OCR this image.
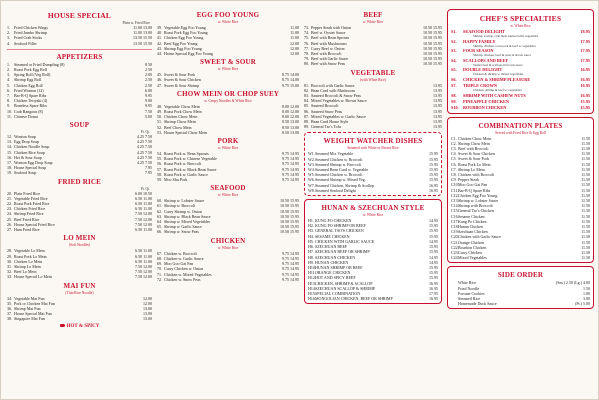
HOUSE SPECIAL
Plain w. Fried Rice
1.	Fried Chicken Wings	11.00 13.00
2.	Fried Jumbo Shrimp	11.00 13.00
3.	Fried Crab Sticks	13.50 15.50
4.	Seafood Fillet	13.50 15.50
APPETIZERS
1.	Steamed or Fried Dumpling (8)	8.50
2.	Roast Pork Egg Roll	2.50
3.	Spring Roll (Veg Roll)	2.00
4.	Shrimp Egg Roll	2.50
5.	Chicken Egg Roll	2.50
6.	Fried Wonton (12)	6.00
7.	Bar-B-Q Spare Ribs	9.95
8.	Chicken Teriyaki (4)	9.00
9.	Boneless Spare Ribs	9.95
10. Crab Rangoon (8)	7.50
11. Chinese Donut	5.00
SOUP
Pt. Qt.
12. Wonton Soup	4.25 7.50
13. Egg Drop Soup	4.25 7.50
14. Chicken Noodle Soup	4.25 7.50
15. Chicken Rice Soup	4.25 7.50
16. Hot & Sour Soup	4.25 7.50
17. Wonton Egg Drop Soup	4.25 7.50
18. House Special Soup	7.95
19. Seafood Soup	7.95
FRIED RICE
Pt. Qt.
20. Plain Fried Rice	6.00 10.50
21. Vegetable Fried Rice	6.50 11.00
22. Roast Pork Fried Rice	6.50 11.00
23. Chicken Fried Rice	6.50 11.00
24. Shrimp Fried Rice	7.50 12.00
25. Beef Fried Rice	7.50 12.00
26. House Special Fried Rice	7.50 12.00
27. Ham Fried Rice	6.50 11.00
LO MEIN
(Soft Noodles)
28. Vegetable Lo Mein	6.50 11.00
29. Roast Pork Lo Mein	6.50 11.00
30. Chicken Lo Mein	6.50 11.00
31. Shrimp Lo Mein	7.50 12.00
32. Beef Lo Mein	7.50 12.00
33. House Special Lo Mein	7.50 12.00
MAI FUN
(Thin Rice Noodle)
34. Vegetable Mai Fun	12.00
35. Pork or Chicken Mai Fun	12.00
36. Shrimp Mai Fun	13.00
37. House Special Mai Fun	13.00
38. Singapore Mai Fun	13.00
HOT & SPICY
EGG FOO YOUNG
w. White Rice
39. Vegetable Egg Foo Young	11.00
40. Roast Pork Egg Foo Young	11.00
41. Chicken Egg Foo Young	11.00
42. Beef Egg Foo Young	12.00
43. Shrimp Egg Foo Young	12.00
44. House Special Egg Foo Young	12.00
SWEET & SOUR
w. White Rice
45. Sweet & Sour Pork	8.75 14.00
46. Sweet & Sour Chicken	8.75 14.00
47. Sweet & Sour Shrimp	9.75 15.00
CHOW MEIN OR CHOP SUEY
w. Crispy Noodles & White Rice
48. Vegetable Chow Mein	8.00 12.00
49. Roast Pork Chow Mein	8.00 12.00
50. Chicken Chow Mein	8.00 12.00
51. Shrimp Chow Mein	8.50 13.00
52. Beef Chow Mein	8.50 13.00
53. House Special Chow Mein	8.50 13.00
PORK
w. White Rice
54. Roast Pork w. Bean Sprouts	9.75 14.95
55. Roast Pork w. Chinese Vegetable	9.75 14.95
56. Roast Pork w. Broccoli	9.75 14.95
57. Roast Pork w. Black Bean Sauce	9.75 14.95
58. Roast Pork w. Garlic Sauce	9.75 14.95
59. Moo Shu Pork	9.75 14.95
SEAFOOD
w. White Rice
60. Shrimp w. Lobster Sauce	10.50 15.95
61. Shrimp w. Broccoli	10.50 15.95
62. Curry Shrimp w. Onion	10.50 15.95
63. Shrimp w. Black Bean Sauce	10.50 15.95
64. Shrimp w. Mixed Vegetables	10.50 15.95
65. Shrimp w. Garlic Sauce	10.50 15.95
66. Shrimp w. Snow Peas	10.50 15.95
CHICKEN
w. White Rice
67. Chicken w. Broccoli	9.75 14.95
68. Chicken w. Garlic Sauce	9.75 14.95
69. Moo Goo Gai Pan	9.75 14.95
70. Curry Chicken w. Onion	9.75 14.95
71. Chicken w. Mixed Vegetables	9.75 14.95
72. Chicken w. Snow Peas	9.75 14.95
BEEF
w. White Rice
73. Pepper Steak with Onion	10.50 15.95
74. Beef w. Oyster Sauce	10.50 15.95
75. Beef with Bean Sprouts	10.50 15.95
76. Beef with Mushrooms	10.50 15.95
77. Curry Beef w. Onion	10.50 15.95
78. Beef with Broccoli	10.50 15.95
79. Beef with Garlic Sauce	10.50 15.95
80. Beef with Snow Peas	10.50 15.95
VEGETABLE
(with White Rice)
81. Broccoli with Garlic Sauce	13.95
82. Bean Curd with Mushroom	13.95
83. Sauteed Broccoli & Snow Peas	13.95
84. Mixed Vegetables w. Brown Sauce	13.95
85. Sauteed Broccoli	13.95
86. Sauteed Snow Peas	13.95
87. Mixed Vegetables w. Garlic Sauce	13.95
88. Bean Curd Home Style	13.95
89. General Tso's Tofu	13.95
WEIGHT WATCHER DISHES
Steamed with White or Brown Rice
W1. Steamed Mix Vegetable	15.95
W2. Steamed Chicken w. Broccoli	15.95
W3. Steamed Shrimp w. Broccoli	15.95
W4. Steamed Bean Curd w. Vegetable	15.95
W5. Steamed Chicken w. Broccoli	15.95
W6. Steamed Shrimp w. Mixed Veg.	15.95
W7. Steamed Chicken, Shrimp & Scallop	16.95
W8. Steamed Seafood Delight	16.95
HUNAN & SZECHUAN STYLE
w. White Rice
H1. KUNG PO CHICKEN	14.95
H2. KUNG PO SHRIMP OR BEEF	15.95
H3. GENERAL TSO'S CHICKEN	15.95
H4. SESAME CHICKEN	15.95
H5. CHICKEN WITH GARLIC SAUCE	14.95
H6. SZECHUAN BEEF	15.95
H7. SZECHUAN BEEF OR SHRIMP	15.95
H8. SZECHUAN CHICKEN	14.95
H9. HUNAN CHICKEN	14.95
H10. HUNAN SHRIMP OR BEEF	15.95
H11. ORANGE CHICKEN	15.95
H12. HOT AND SPICY BEEF	15.95
H13. CHICKEN, SHRIMP & SCALLOP	16.95
H14. SZECHUAN SCALLOP & SHRIMP	16.95
H15. SPECIAL COMBINATION	17.95
H16. MONGOLIAN CHICKEN, BEEF OR SHRIMP	16.95
CHEF'S SPECIALTIES
w. White Rice
S1.	SEAFOOD DELIGHT	18.95
Shrimp, scallop, crab meat sauteed with vegetables
S2.	HAPPY FAMILY	17.95
Shrimp, chicken, roast pork & beef w. vegetables
S3.	FOUR SEASON	17.95
Shrimp, chicken, beef & pork in brown sauce
S4.	SCALLOPS AND BEEF	17.95
Tender beef & scallops in brown sauce
S5.	DOUBLE DELIGHT	16.95
Chicken & shrimp w. mixed vegetables
S6.	CHICKEN & SHRIMP PLEASURE	16.95
S7.	TRIPLE CROWN	16.95
Chicken, shrimp & beef w. vegetables
S8.	SHRIMP WITH CASHEW NUTS	16.95
S9.	PINEAPPLE CHICKEN	15.95
S10. BOURBON CHICKEN	15.95
COMBINATION PLATES
Served with Fried Rice & Egg Roll
C1. Chicken Chow Mein	11.50
C2. Shrimp Chow Mein	11.50
C3. Beef with Broccoli	11.50
C4. Sweet & Sour Chicken	11.50
C5. Sweet & Sour Pork	11.50
C6. Roast Pork Lo Mein	11.50
C7. Shrimp Lo Mein	11.50
C8. Chicken with Broccoli	11.50
C9. Pepper Steak	11.50
C10. Moo Goo Gai Pan	11.50
C11. Bar-B-Q Spare Ribs	11.50
C12. Chicken Egg Foo Young	11.50
C13. Shrimp w. Lobster Sauce	11.50
C14. Shrimp with Broccoli	11.50
C15. General Tso's Chicken	11.50
C16. Sesame Chicken	11.50
C17. Kung Po Chicken	11.50
C18. Hunan Chicken	11.50
C19. Szechuan Chicken	11.50
C20. Chicken with Garlic Sauce	11.50
C21. Orange Chicken	11.50
C22. Bourbon Chicken	11.50
C23. Curry Chicken	11.50
C24. Mixed Vegetables	11.50
SIDE ORDER
White Rice	(Sm.) 2.50 (Lg.) 4.00
Fried Noodle	1.50
Fortune Cookies	1.00
Steamed Rice	3.00
Homemade Duck Sauce	(Pt.) 5.00
